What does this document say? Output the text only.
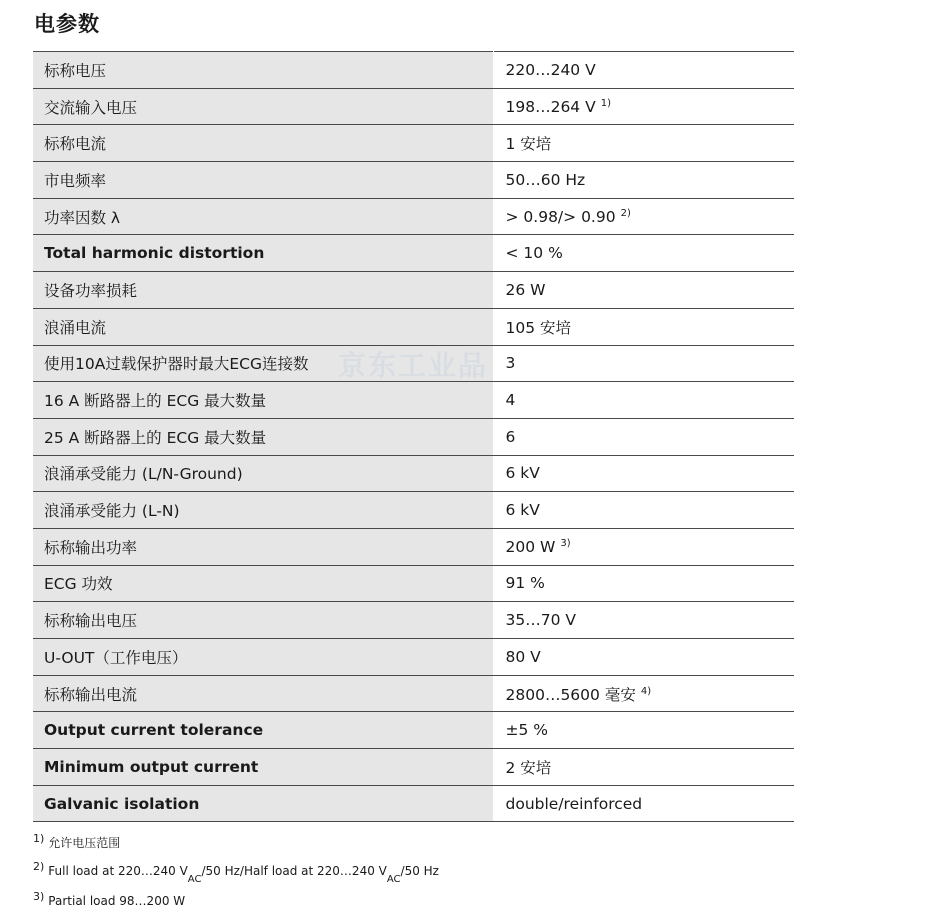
电参数
标称电压	220…240 V
交流输入电压	198…264 V $^{1)}$
标称电流	1 安培
市电频率	50…60 Hz
功率因数 λ	> 0.98/> 0.90 $^{2)}$
Total harmonic distortion	< 10 %
设备功率损耗	26 W
浪涌电流	105 安培
使用10A过载保护器时最大ECG连接数	3
16 A 断路器上的 ECG 最大数量	4
25 A 断路器上的 ECG 最大数量	6
浪涌承受能力 (L/N-Ground)	6 kV
浪涌承受能力 (L-N)	6 kV
标称输出功率	200 W $^{3)}$
ECG 功效	91 %
标称输出电压	35…70 V
U-OUT（工作电压）	80 V
标称输出电流	2800…5600 毫安 $^{4)}$
Output current tolerance	±5 %
Minimum output current	2 安培
Galvanic isolation	double/reinforced
京东工业品
1) 允许电压范围
2) Full load at 220…240 $V_{AC}/50$ Hz/Half load at 220…240 $V_{AC}/50$ Hz
3) Partial load 98…200 W
